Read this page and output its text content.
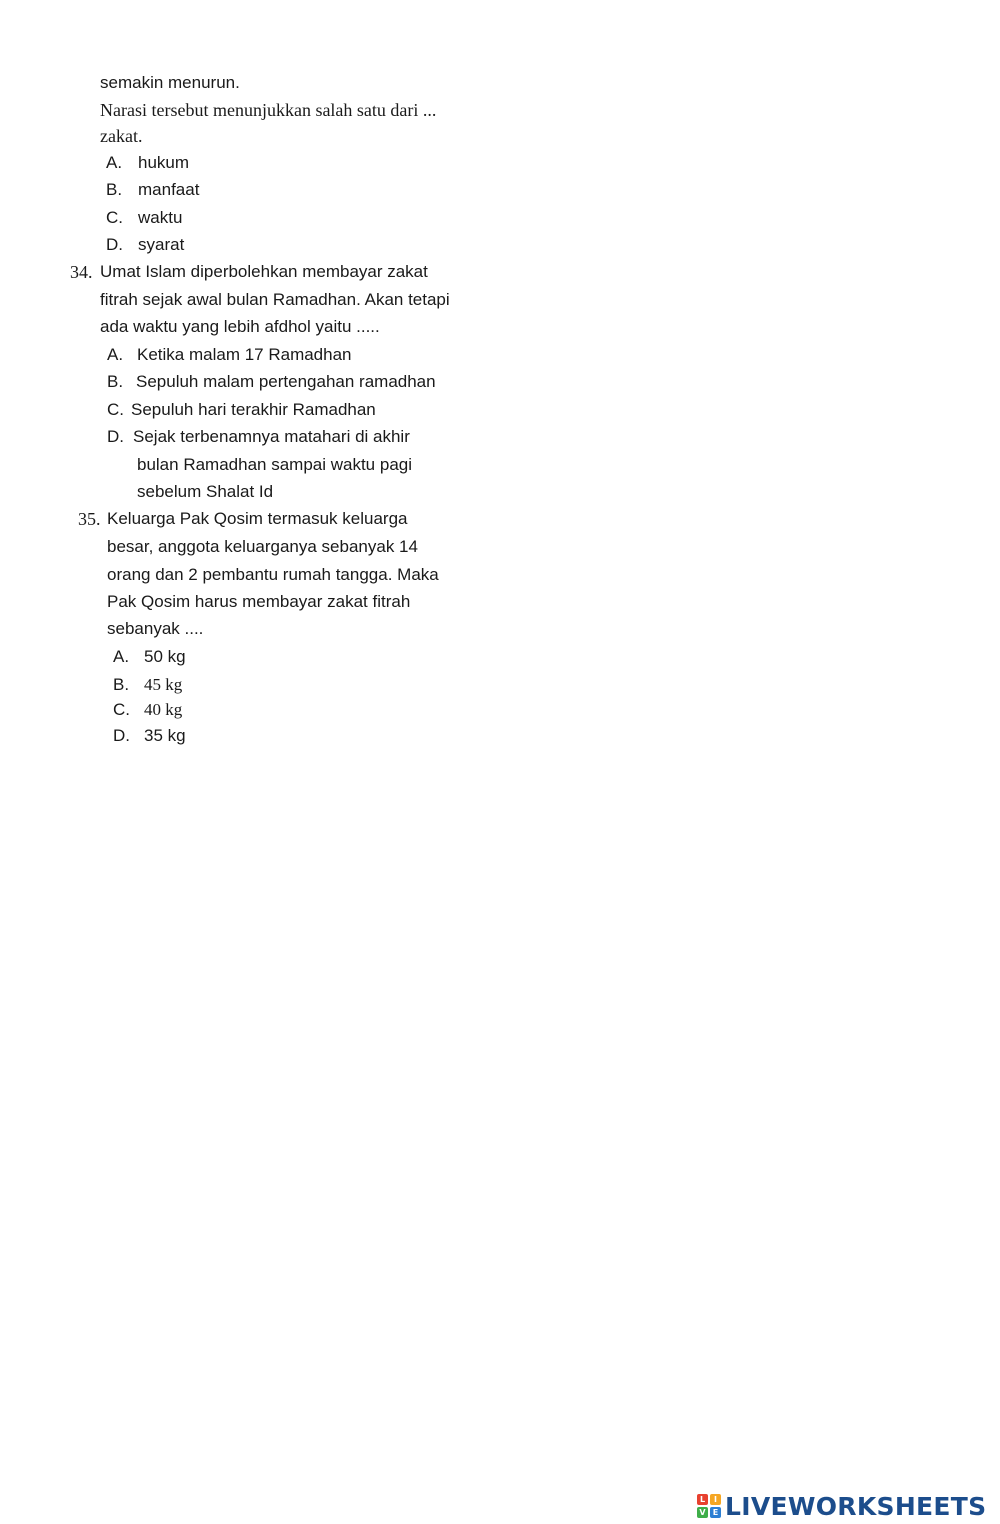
semakin menurun.
Narasi tersebut menunjukkan salah satu dari ...
zakat.
A. hukum
B. manfaat
C. waktu
D. syarat
34. Umat Islam diperbolehkan membayar zakat
fitrah sejak awal bulan Ramadhan. Akan tetapi
ada waktu yang lebih afdhol yaitu .....
A. Ketika malam 17 Ramadhan
B. Sepuluh malam pertengahan ramadhan
C. Sepuluh hari terakhir Ramadhan
D. Sejak terbenamnya matahari di akhir
bulan Ramadhan sampai waktu pagi
sebelum Shalat Id
35. Keluarga Pak Qosim termasuk keluarga
besar, anggota keluarganya sebanyak 14
orang dan 2 pembantu rumah tangga. Maka
Pak Qosim harus membayar zakat fitrah
sebanyak ....
A. 50 kg
B. 45 kg
C. 40 kg
D. 35 kg
L	I
V E LIVEWORKSHEETS
